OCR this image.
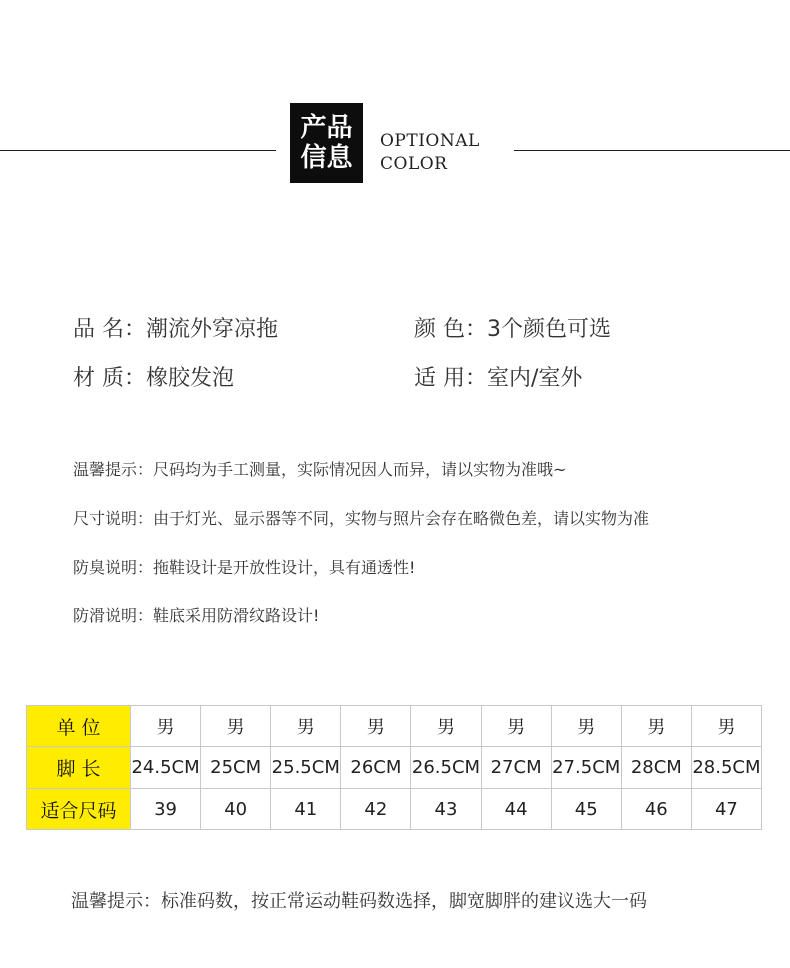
产品
信息
OPTIONAL
COLOR
品 名：潮流外穿凉拖	颜 色：3个颜色可选
材 质：橡胶发泡	适 用：室内/室外
温馨提示：尺码均为手工测量，实际情况因人而异，请以实物为准哦~
尺寸说明：由于灯光、显示器等不同，实物与照片会存在略微色差，请以实物为准
防臭说明：拖鞋设计是开放性设计，具有通透性!
防滑说明：鞋底采用防滑纹路设计!
单 位	男	男	男	男	男	男	男	男	男
脚 长	24.5CM	25CM	25.5CM	26CM	26.5CM	27CM	27.5CM	28CM	28.5CM
适合尺码	39	40	41	42	43	44	45	46	47
温馨提示：标准码数，按正常运动鞋码数选择，脚宽脚胖的建议选大一码
